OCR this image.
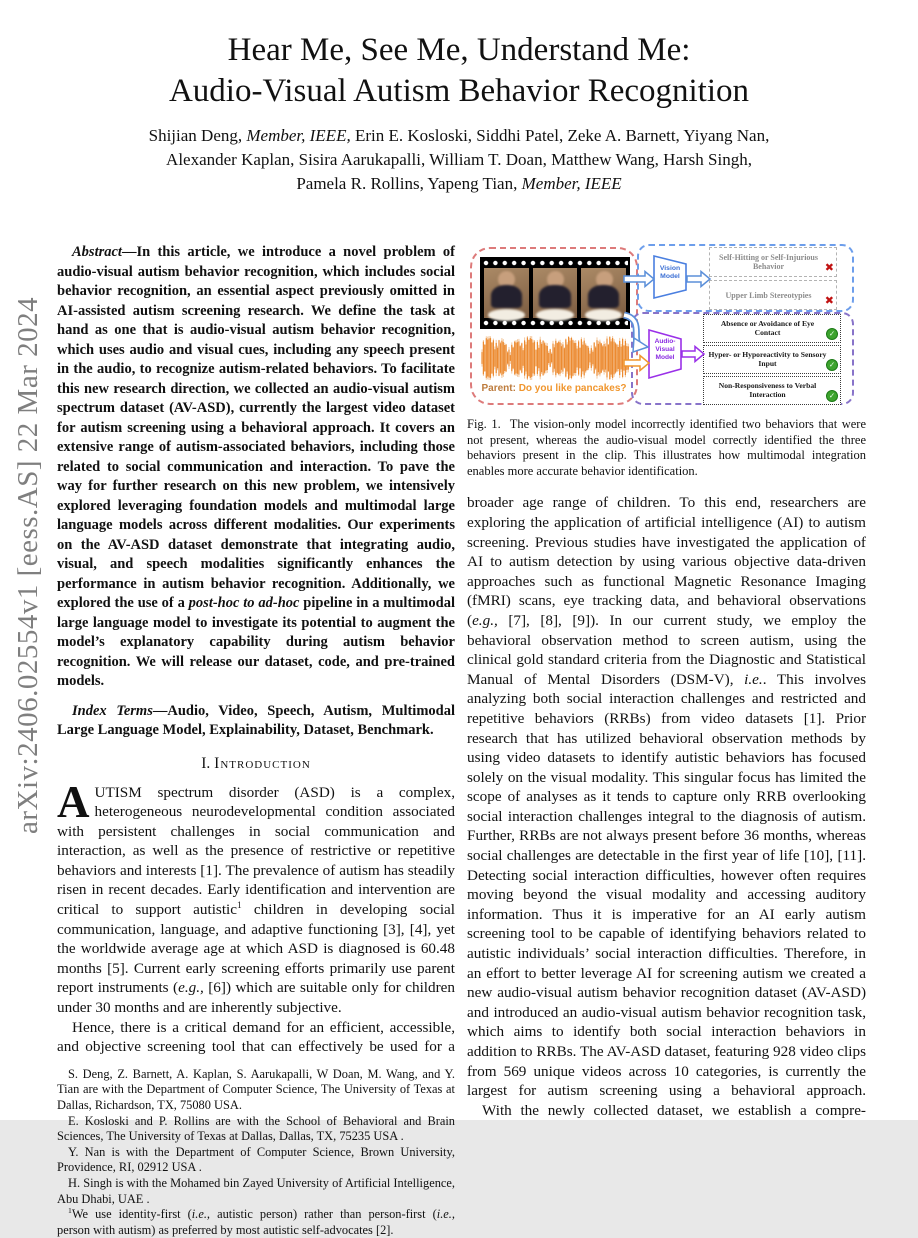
arXiv:2406.02554v1 [eess.AS] 22 Mar 2024
Hear Me, See Me, Understand Me:
Audio-Visual Autism Behavior Recognition
Shijian Deng, Member, IEEE, Erin E. Kosloski, Siddhi Patel, Zeke A. Barnett, Yiyang Nan,
Alexander Kaplan, Sisira Aarukapalli, William T. Doan, Matthew Wang, Harsh Singh,
Pamela R. Rollins, Yapeng Tian, Member, IEEE

Abstract—In this article, we introduce a novel problem of audio-visual autism behavior recognition, which includes social behavior recognition, an essential aspect previously omitted in AI-assisted autism screening research. We define the task at hand as one that is audio-visual autism behavior recognition, which uses audio and visual cues, including any speech present in the audio, to recognize autism-related behaviors. To facilitate this new research direction, we collected an audio-visual autism spectrum dataset (AV-ASD), currently the largest video dataset for autism screening using a behavioral approach. It covers an extensive range of autism-associated behaviors, including those related to social communication and interaction. To pave the way for further research on this new problem, we intensively explored leveraging foundation models and multimodal large language models across different modalities. Our experiments on the AV-ASD dataset demonstrate that integrating audio, visual, and speech modalities significantly enhances the performance in autism behavior recognition. Additionally, we explored the use of a post-hoc to ad-hoc pipeline in a multimodal large language model to investigate its potential to augment the model’s explanatory capability during autism behavior recognition. We will release our dataset, code, and pre-trained models.

Index Terms—Audio, Video, Speech, Autism, Multimodal Large Language Model, Explainability, Dataset, Benchmark.

I. Introduction

AUTISM spectrum disorder (ASD) is a complex, heterogeneous neurodevelopmental condition associated with persistent challenges in social communication and interaction, as well as the presence of restrictive or repetitive behaviors and interests [1]. The prevalence of autism has steadily risen in recent decades. Early identification and intervention are critical to support autistic$^1$ children in developing social communication, language, and adaptive functioning [3], [4], yet the worldwide average age at which ASD is diagnosed is 60.48 months [5]. Current early screening efforts primarily use parent report instruments (e.g., [6]) which are suitable only for children under 30 months and are inherently subjective.

Hence, there is a critical demand for an efficient, accessible, and objective screening tool that can effectively be used for a

S. Deng, Z. Barnett, A. Kaplan, S. Aarukapalli, W Doan, M. Wang, and Y. Tian are with the Department of Computer Science, The University of Texas at Dallas, Richardson, TX, 75080 USA.

E. Kosloski and P. Rollins are with the School of Behavioral and Brain Sciences, The University of Texas at Dallas, Dallas, TX, 75235 USA .

Y. Nan is with the Department of Computer Science, Brown University, Providence, RI, 02912 USA .

H. Singh is with the Mohamed bin Zayed University of Artificial Intelligence, Abu Dhabi, UAE .

$^1$We use identity-first (i.e., autistic person) rather than person-first (i.e., person with autism) as preferred by most autistic self-advocates [2].

Parent: Do you like pancakes?
Vision Model
Self-Hitting or Self-Injurious Behavior	✖
Upper Limb Stereotypies ✖
Audio- Visual Model
Absence or Avoidance of Eye Contact	✓
Hyper- or Hyporeactivity to Sensory Input	✓
Non-Responsiveness to Verbal Interaction	✓

Fig. 1.  The vision-only model incorrectly identified two behaviors that were not present, whereas the audio-visual model correctly identified the three behaviors present in the clip. This illustrates how multimodal integration enables more accurate behavior identification.

broader age range of children. To this end, researchers are exploring the application of artificial intelligence (AI) to autism screening. Previous studies have investigated the application of AI to autism detection by using various objective data-driven approaches such as functional Magnetic Resonance Imaging (fMRI) scans, eye tracking data, and behavioral observations (e.g., [7], [8], [9]). In our current study, we employ the behavioral observation method to screen autism, using the clinical gold standard criteria from the Diagnostic and Statistical Manual of Mental Disorders (DSM-V), i.e.. This involves analyzing both social interaction challenges and restricted and repetitive behaviors (RRBs) from video datasets [1]. Prior research that has utilized behavioral observation methods by using video datasets to identify autistic behaviors has focused solely on the visual modality. This singular focus has limited the scope of analyses as it tends to capture only RRB overlooking social interaction challenges integral to the diagnosis of autism. Further, RRBs are not always present before 36 months, whereas social challenges are detectable in the first year of life [10], [11]. Detecting social interaction difficulties, however often requires moving beyond the visual modality and accessing auditory information. Thus it is imperative for an AI early autism screening tool to be capable of identifying behaviors related to autistic individuals’ social interaction difficulties. Therefore, in an effort to better leverage AI for screening autism we created a new audio-visual autism behavior recognition dataset (AV-ASD) and introduced an audio-visual autism behavior recognition task, which aims to identify both social interaction behaviors in addition to RRBs. The AV-ASD dataset, featuring 928 video clips from 569 unique videos across 10 categories, is currently the largest for autism screening using a behavioral approach.

With the newly collected dataset, we establish a compre-
